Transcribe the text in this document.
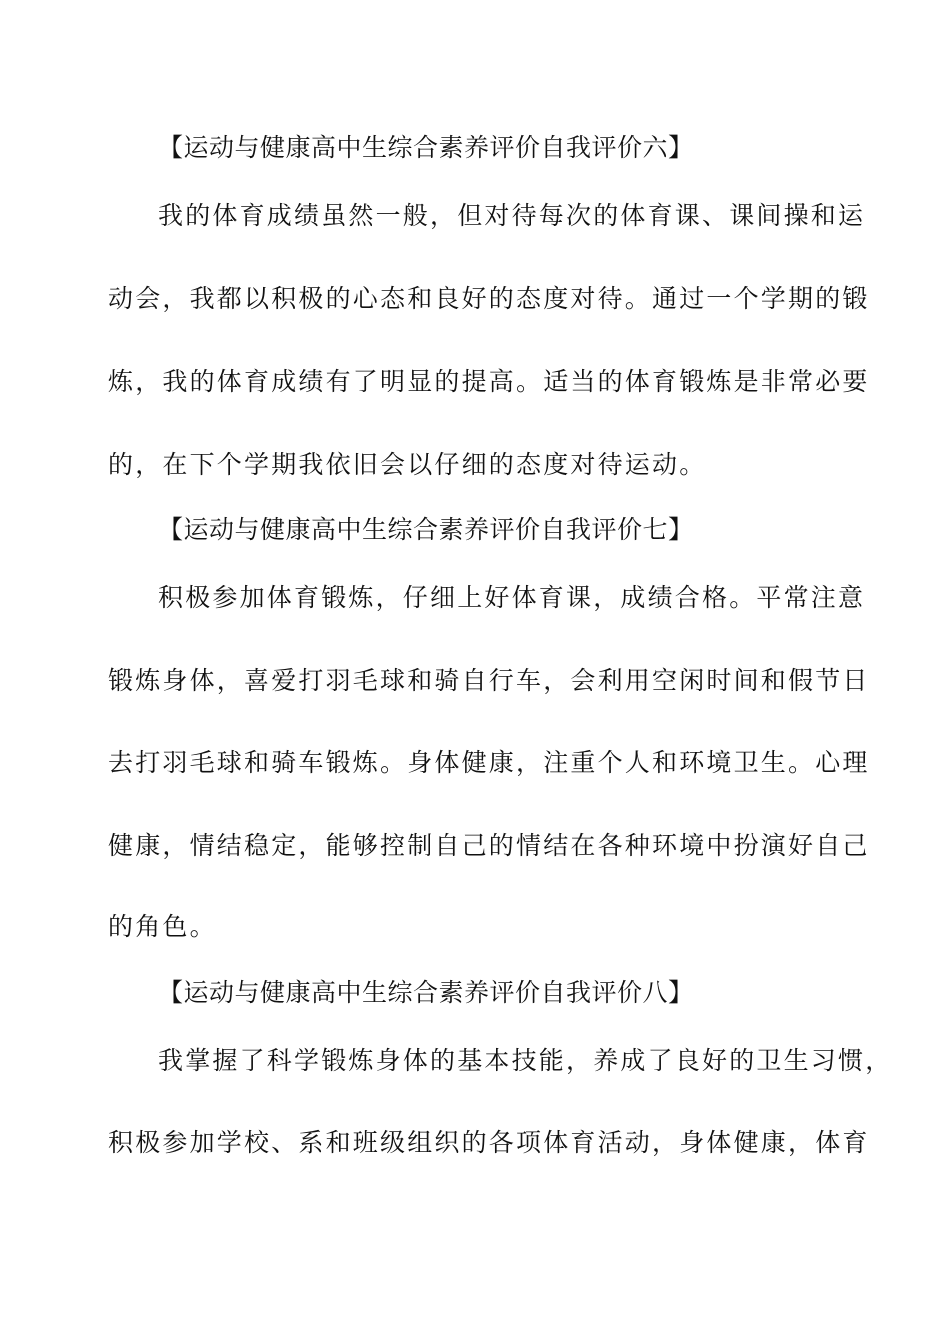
【运动与健康高中生综合素养评价自我评价六】
我的体育成绩虽然一般，但对待每次的体育课、课间操和运
动会，我都以积极的心态和良好的态度对待。通过一个学期的锻
炼，我的体育成绩有了明显的提高。适当的体育锻炼是非常必要
的，在下个学期我依旧会以仔细的态度对待运动。
【运动与健康高中生综合素养评价自我评价七】
积极参加体育锻炼，仔细上好体育课，成绩合格。平常注意
锻炼身体，喜爱打羽毛球和骑自行车，会利用空闲时间和假节日
去打羽毛球和骑车锻炼。身体健康，注重个人和环境卫生。心理
健康，情结稳定，能够控制自己的情结在各种环境中扮演好自己
的角色。
【运动与健康高中生综合素养评价自我评价八】
我掌握了科学锻炼身体的基本技能，养成了良好的卫生习惯，
积极参加学校、系和班级组织的各项体育活动，身体健康，体育
